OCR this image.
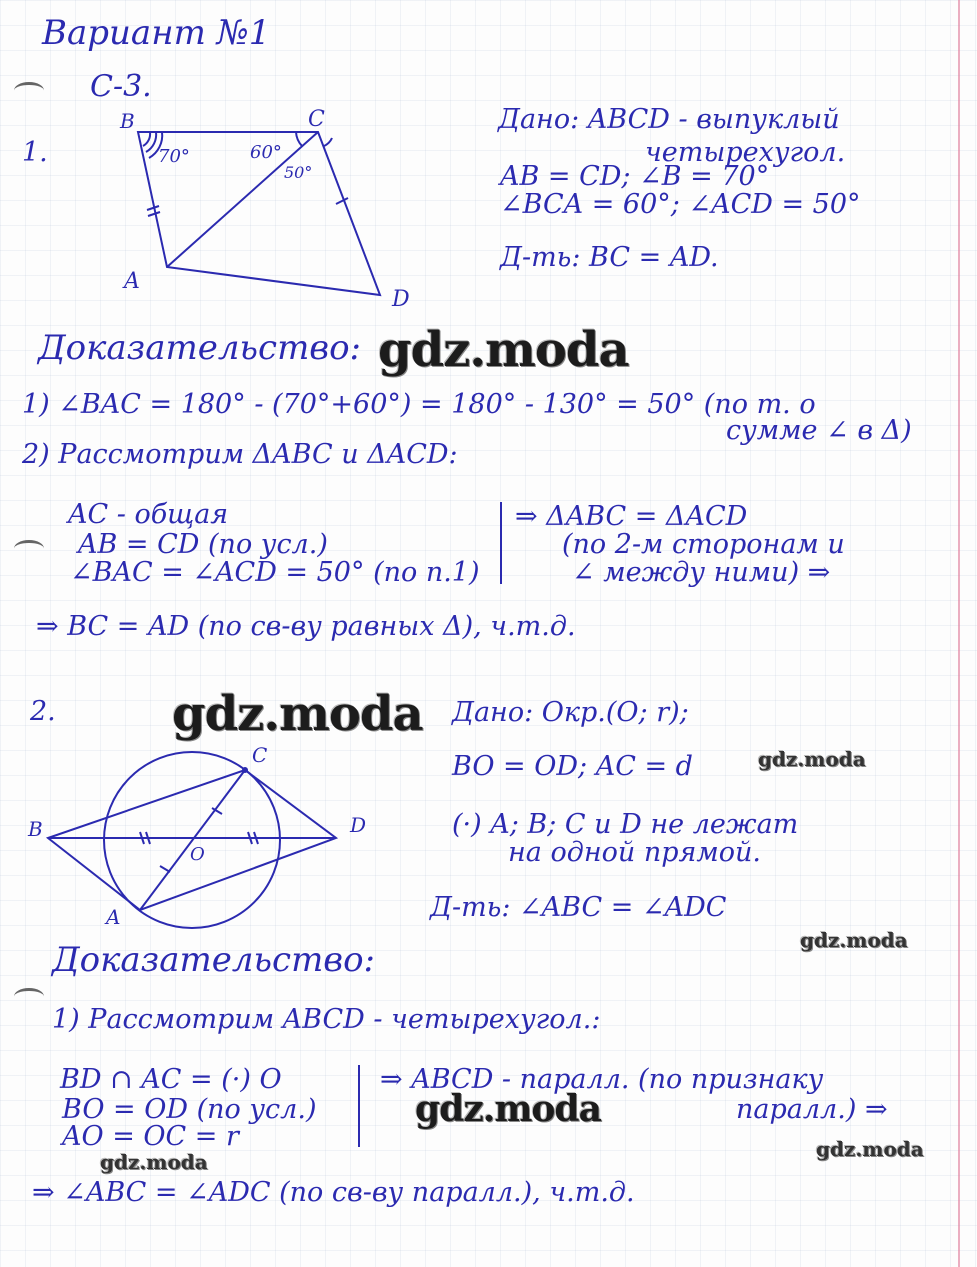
Вариант №1
С-3.
1.
B	C
A
D
70°	60°
50°
Дано: ABCD - выпуклый
четырехугол.
AB = CD; ∠B = 70°
∠BCA = 60°; ∠ACD = 50°
Д-ть: BC = AD.
Доказательство: gdz.moda
1) ∠BAC = 180° - (70°+60°) = 180° - 130° = 50° (по т. о
сумме ∠ в Δ)
2) Рассмотрим ΔABC и ΔACD:
AC - общая
AB = CD (по усл.)
∠BAC = ∠ACD = 50° (по п.1)
⇒ ΔABC = ΔACD
(по 2-м сторонам и
∠ между ними) ⇒
⇒ BC = AD (по св-ву равных Δ), ч.т.д.
2. gdz.moda
B
C
A
D
O
Дано: Окр.(O; r);
BO = OD; AC = d	gdz.moda
(·) A; B; C и D не лежат
на одной прямой.
Д-ть: ∠ABC = ∠ADC
gdz.moda
Доказательство:
1) Рассмотрим ABCD - четырехугол.:
BD ∩ AC = (·) O
BO = OD (по усл.)
AO = OC = r
gdz.moda
⇒ ABCD - паралл. (по признаку
паралл.) ⇒
gdz.moda
gdz.moda
⇒ ∠ABC = ∠ADC (по св-ву паралл.), ч.т.д.
